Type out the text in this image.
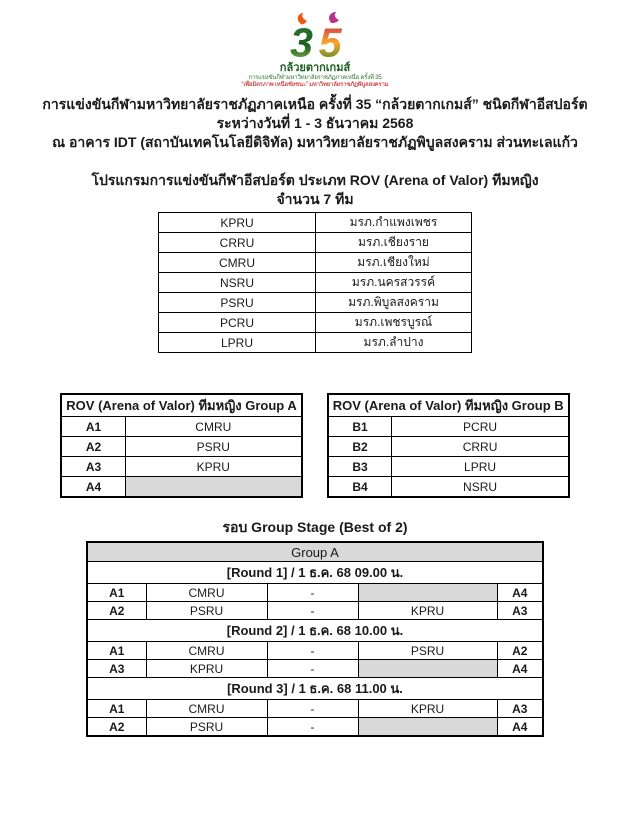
3 5
กล้วยตากเกมส์
การแข่งขันกีฬามหาวิทยาลัยราชภัฏภาคเหนือ ครั้งที่ 35
“เพื่อมิตรภาพ เหนือชัยชนะ” มหาวิทยาลัยราชภัฏพิบูลสงคราม
การแข่งขันกีฬามหาวิทยาลัยราชภัฏภาคเหนือ ครั้งที่ 35 “กล้วยตากเกมส์” ชนิดกีฬาอีสปอร์ต
ระหว่างวันที่ 1 - 3 ธันวาคม 2568
ณ อาคาร IDT (สถาบันเทคโนโลยีดิจิทัล) มหาวิทยาลัยราชภัฏพิบูลสงคราม ส่วนทะเลแก้ว
โปรแกรมการแข่งขันกีฬาอีสปอร์ต ประเภท ROV (Arena of Valor) ทีมหญิง
จำนวน 7 ทีม
KPRU	มรภ.กำแพงเพชร
CRRU	มรภ.เชียงราย
CMRU	มรภ.เชียงใหม่
NSRU	มรภ.นครสวรรค์
PSRU	มรภ.พิบูลสงคราม
PCRU	มรภ.เพชรบูรณ์
LPRU	มรภ.ลำปาง
ROV (Arena of Valor) ทีมหญิง Group A	
A1	CMRU
A2	PSRU
A3	KPRU
A4	
ROV (Arena of Valor) ทีมหญิง Group B	
B1	PCRU
B2	CRRU
B3	LPRU
B4	NSRU
รอบ Group Stage (Best of 2)
Group A				
[Round 1] / 1 ธ.ค. 68 09.00 น.				
A1	CMRU	-		A4
A2	PSRU	-	KPRU	A3
[Round 2] / 1 ธ.ค. 68 10.00 น.				
A1	CMRU	-	PSRU	A2
A3	KPRU	-		A4
[Round 3] / 1 ธ.ค. 68 11.00 น.				
A1	CMRU	-	KPRU	A3
A2	PSRU	-		A4
